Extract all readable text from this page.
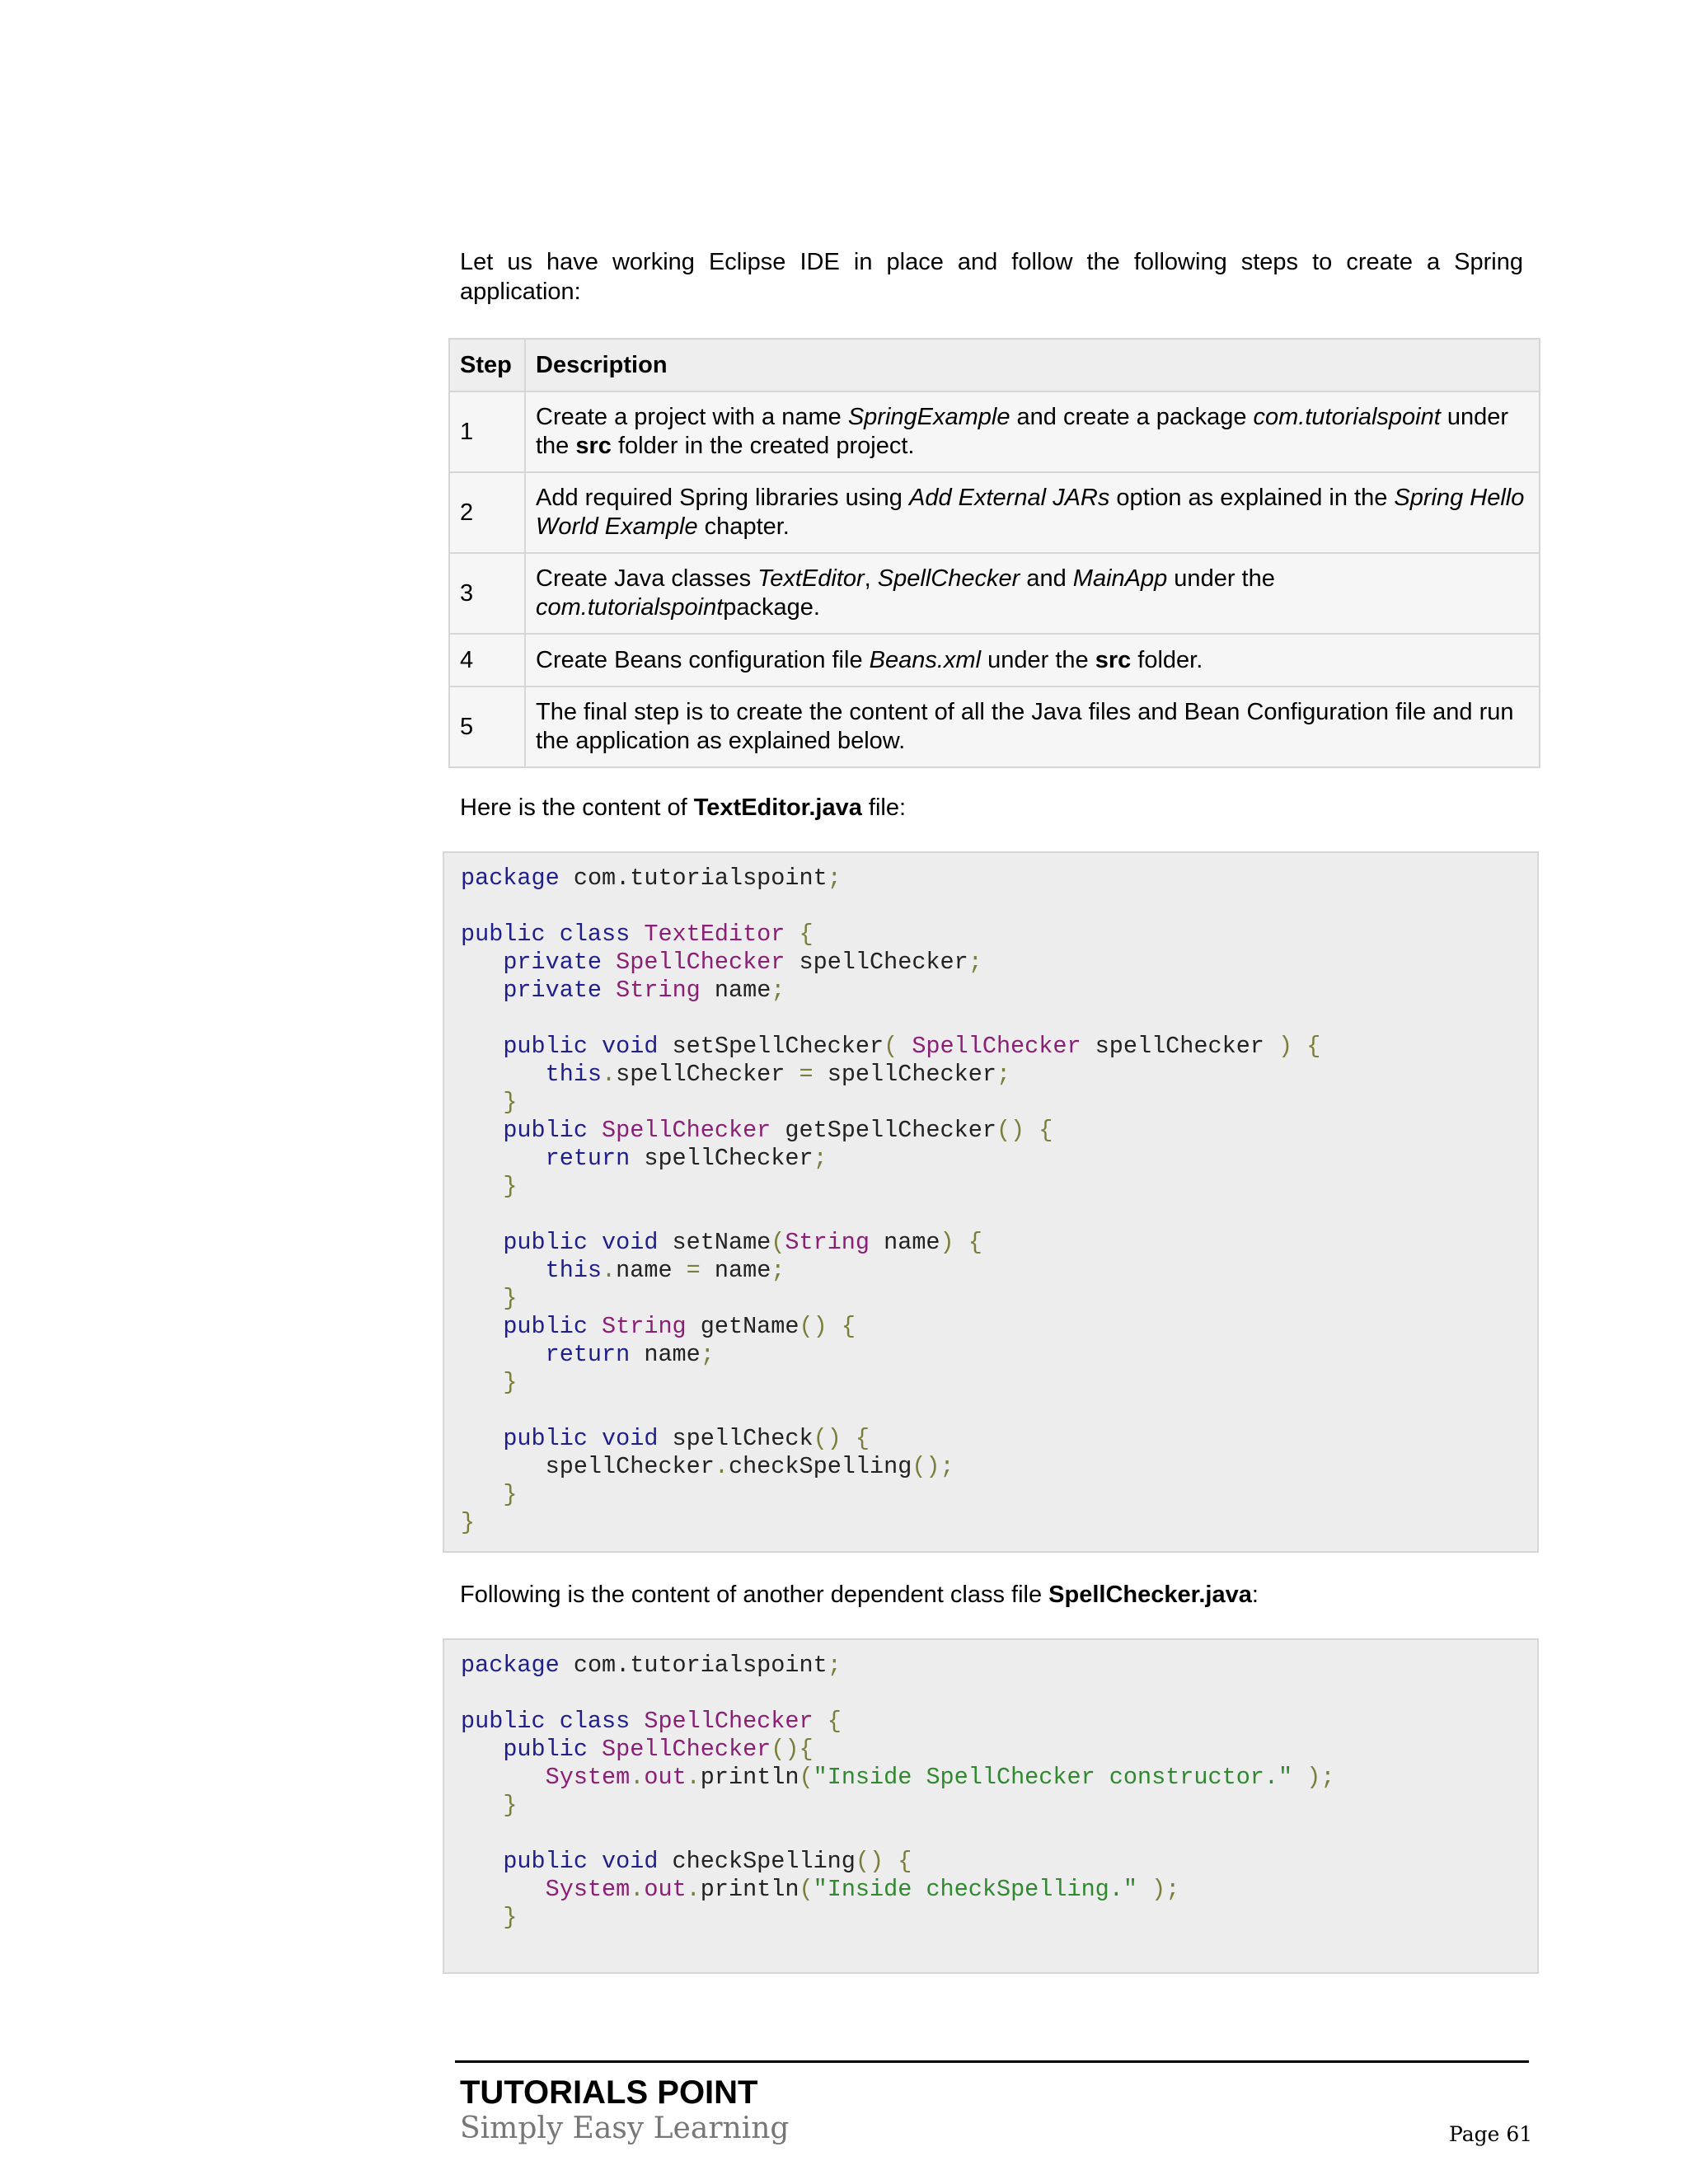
Let us have working Eclipse IDE in place and follow the following steps to create a Spring application:

Step	Description
1	Create a project with a name SpringExample and create a package com.tutorialspoint under the src folder in the created project.
2	Add required Spring libraries using Add External JARs option as explained in the Spring Hello World Example chapter.
3	Create Java classes TextEditor, SpellChecker and MainApp under the com.tutorialspointpackage.
4	Create Beans configuration file Beans.xml under the src folder.
5	The final step is to create the content of all the Java files and Bean Configuration file and run the application as explained below.

Here is the content of TextEditor.java file:

package com.tutorialspoint;

public class TextEditor {
private SpellChecker spellChecker;
private String name;

public void setSpellChecker( SpellChecker spellChecker ) {
this.spellChecker = spellChecker;
}
public SpellChecker getSpellChecker() {
return spellChecker;
}

public void setName(String name) {
this.name = name;
}
public String getName() {
return name;
}

public void spellCheck() {
spellChecker.checkSpelling();
}
}

Following is the content of another dependent class file SpellChecker.java:

package com.tutorialspoint;

public class SpellChecker {
public SpellChecker(){
System.out.println("Inside SpellChecker constructor." );
}

public void checkSpelling() {
System.out.println("Inside checkSpelling." );
}
TUTORIALS POINT
Simply Easy Learning	Page 61
